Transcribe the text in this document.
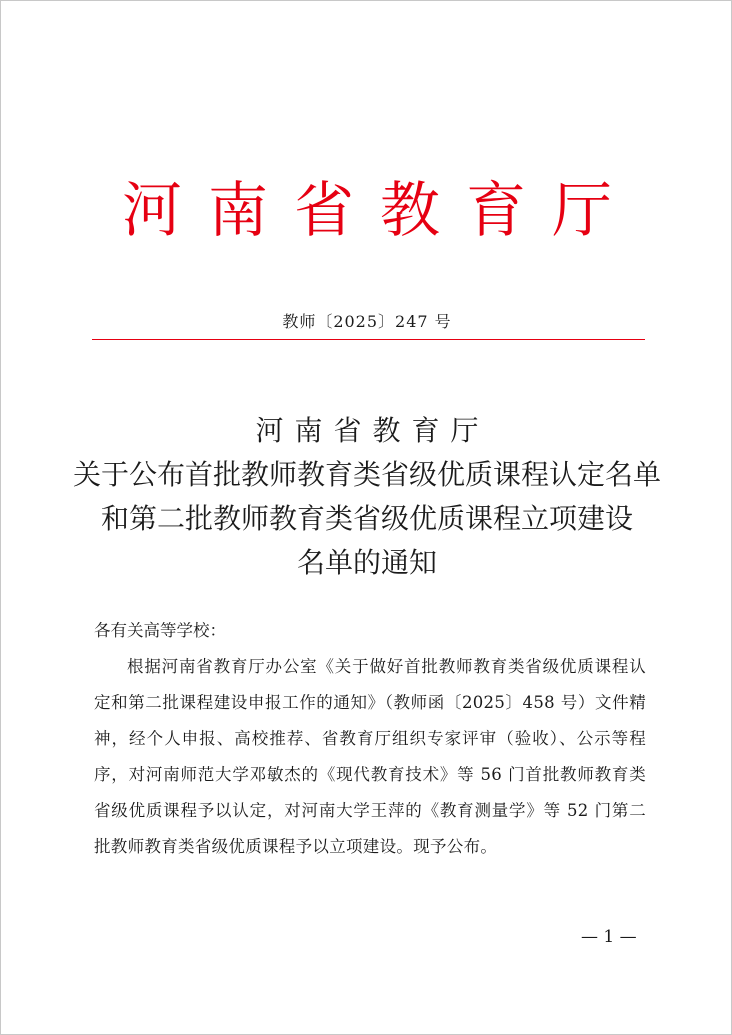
河南省教育厅
教师〔2025〕247 号
河南省教育厅
关于公布首批教师教育类省级优质课程认定名单
和第二批教师教育类省级优质课程立项建设
名单的通知

各有关高等学校：

根据河南省教育厅办公室《关于做好首批教师教育类省级优质课程认定和第二批课程建设申报工作的通知》（教师函〔2025〕458 号）文件精神，经个人申报、高校推荐、省教育厅组织专家评审（验收）、公示等程序，对河南师范大学邓敏杰的《现代教育技术》等 56 门首批教师教育类省级优质课程予以认定，对河南大学王萍的《教育测量学》等 52 门第二批教师教育类省级优质课程予以立项建设。现予公布。

— 1 —
